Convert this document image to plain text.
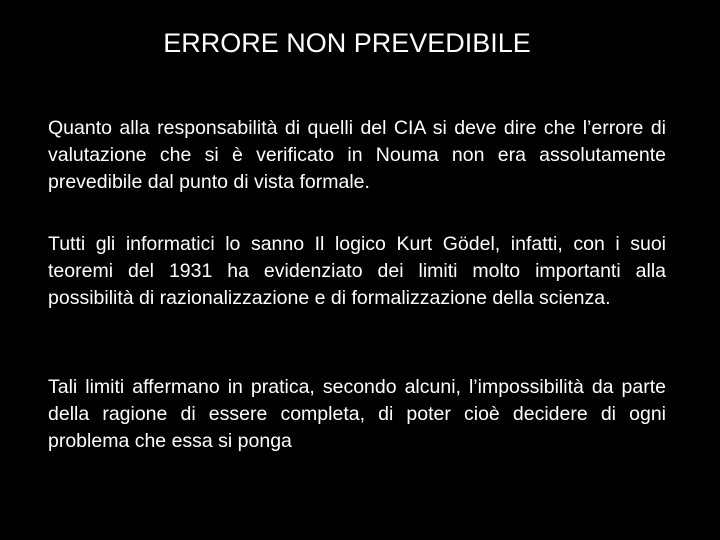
ERRORE NON PREVEDIBILE

Quanto alla responsabilità di quelli del CIA si deve dire che l’errore di valutazione che si è verificato in Nouma non era assolutamente prevedibile dal punto di vista formale.

Tutti gli informatici lo sanno Il logico Kurt Gödel, infatti, con i suoi teoremi del 1931 ha evidenziato dei limiti molto importanti alla possibilità di razionalizzazione e di formalizzazione della scienza.

Tali limiti affermano in pratica, secondo alcuni, l’impossibilità da parte della ragione di essere completa, di poter cioè decidere di ogni problema che essa si ponga
